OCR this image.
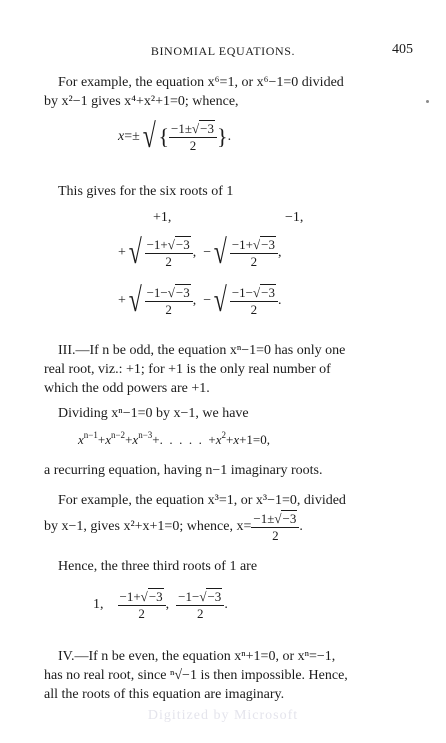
BINOMIAL EQUATIONS.	405
For example, the equation x⁶=1, or x⁶−1=0 divided
by x²−1 gives x⁴+x²+1=0; whence,
x=±√ { $\frac{-1\pm√-3}{2}$ }.
This gives for the six roots of 1
+1,	−1,
+√ $\frac{-1+√-3}{2}$ ,  −√ $\frac{-1+√-3}{2}$ ,
+√ $\frac{-1-√-3}{2}$ ,  −√ $\frac{-1-√-3}{2}$ .
III.—If n be odd, the equation xⁿ−1=0 has only one
real root, viz.: +1; for +1 is the only real number of
which the odd powers are +1.
Dividing xⁿ−1=0 by x−1, we have
$x^{n-1}+x^{n-2}+x^{n-3}+$.  .  .  .  .  $+x^2+x+1=0$,
a recurring equation, having n−1 imaginary roots.
For example, the equation x³=1, or x³−1=0, divided
by x−1, gives x²+x+1=0; whence, $x= \frac{-1\pm√-3}{2}$ .
Hence, the three third roots of 1 are
1, $\frac{-1+√-3}{2}$ , $\frac{-1-√-3}{2}$ .
IV.—If n be even, the equation xⁿ+1=0, or xⁿ=−1,
has no real root, since ⁿ√−1 is then impossible. Hence,
all the roots of this equation are imaginary.
Digitized by Microsoft
